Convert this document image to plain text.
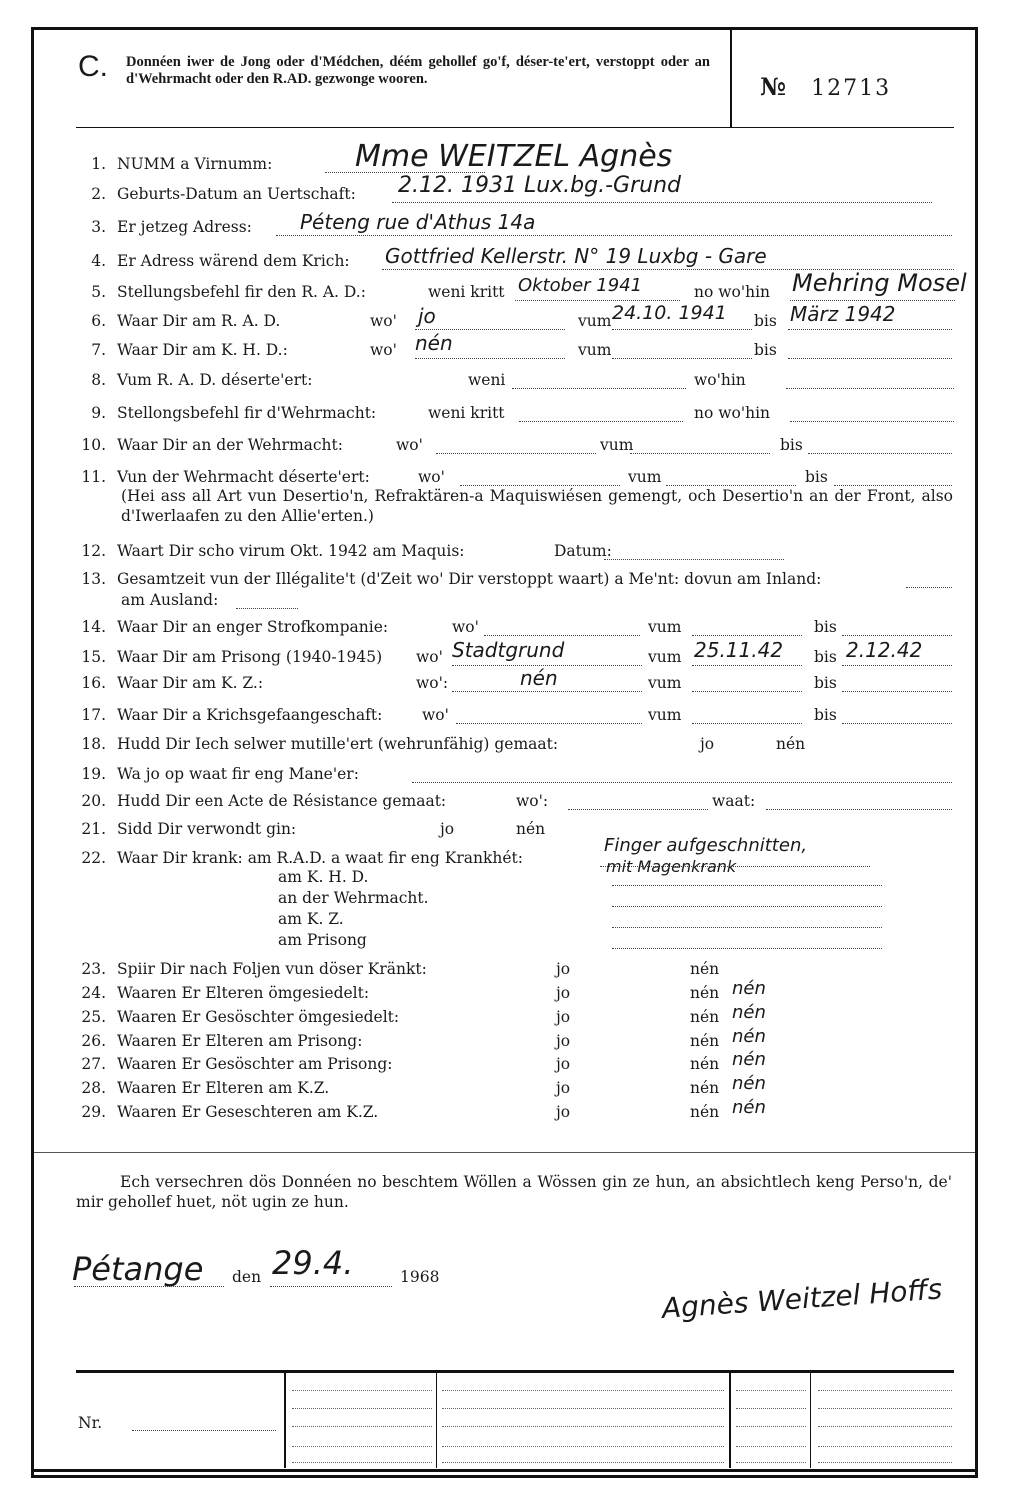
C. Donnéen iwer de Jong oder d'Médchen, déém gehollef go'f, déser-te'ert, verstoppt oder an d'Wehrmacht oder den R.AD. gezwonge wooren.	№ 12713
1. NUMM a Virnumm:	Mme WEITZEL Agnès
2. Geburts-Datum an Uertschaft: 2.12. 1931 Lux.bg.-Grund
3. Er jetzeg Adress: Péteng rue d'Athus 14a
4. Er Adress wärend dem Krich: Gottfried Kellerstr. N° 19 Luxbg - Gare
5. Stellungsbefehl fir den R. A. D.:	weni kritt	no wo'hin
Oktober 1941	Mehring Mosel
6. Waar Dir am R. A. D.	wo'	vum	bis
jo	24.10. 1941	März 1942
7. Waar Dir am K. H. D.:	wo'	vum	bis
nén
8. Vum R. A. D. déserte'ert:	weni	wo'hin
9. Stellongsbefehl fir d'Wehrmacht:	weni kritt	no wo'hin
10. Waar Dir an der Wehrmacht:	wo'	vum	bis
11. Vun der Wehrmacht déserte'ert:	wo'	vum	bis
12. Waart Dir scho virum Okt. 1942 am Maquis:	Datum:
13. Gesamtzeit vun der Illégalite't (d'Zeit wo' Dir verstoppt waart) a Me'nt: dovun am Inland:
am Ausland:
14. Waar Dir an enger Strofkompanie:	wo'	vum	bis
15. Waar Dir am Prisong (1940-1945) wo'	vum	bis
Stadtgrund	25.11.42	2.12.42
16. Waar Dir am K. Z.:	wo':	vum	bis
nén
17. Waar Dir a Krichsgefaangeschaft:	wo'	vum	bis
18. Hudd Dir Iech selwer mutille'ert (wehrunfähig) gemaat:	jo	nén
19. Wa jo op waat fir eng Mane'er:
20. Hudd Dir een Acte de Résistance gemaat:	wo':	waat:
21. Sidd Dir verwondt gin:	jo	nén
22. Waar Dir krank: am R.A.D. a waat fir eng Krankhét:
Finger aufgeschnitten,
mit Magenkrank
23. Spiir Dir nach Foljen vun döser Kränkt:	jo	nén
24. Waaren Er Elteren ömgesiedelt:	jo	nén nén
25. Waaren Er Gesöschter ömgesiedelt:	jo	nén nén
26. Waaren Er Elteren am Prisong:	jo	nén nén
27. Waaren Er Gesöschter am Prisong:	jo	nén nén
28. Waaren Er Elteren am K.Z.	jo	nén nén
29. Waaren Er Geseschteren am K.Z.	jo	nén nén
(Hei ass all Art vun Desertio'n, Refraktären-a Maquiswiésen gemengt, och Desertio'n an der Front, also d'Iwerlaafen zu den Allie'erten.)
am K. H. D.
an der Wehrmacht.
am K. Z.
am Prisong
Ech versechren dös Donnéen no beschtem Wöllen a Wössen gin ze hun, an absichtlech keng Perso'n, de' mir gehollef huet, nöt ugin ze hun.
Pétange den 29.4.	1968	Agnès Weitzel Hoffs
Nr.
